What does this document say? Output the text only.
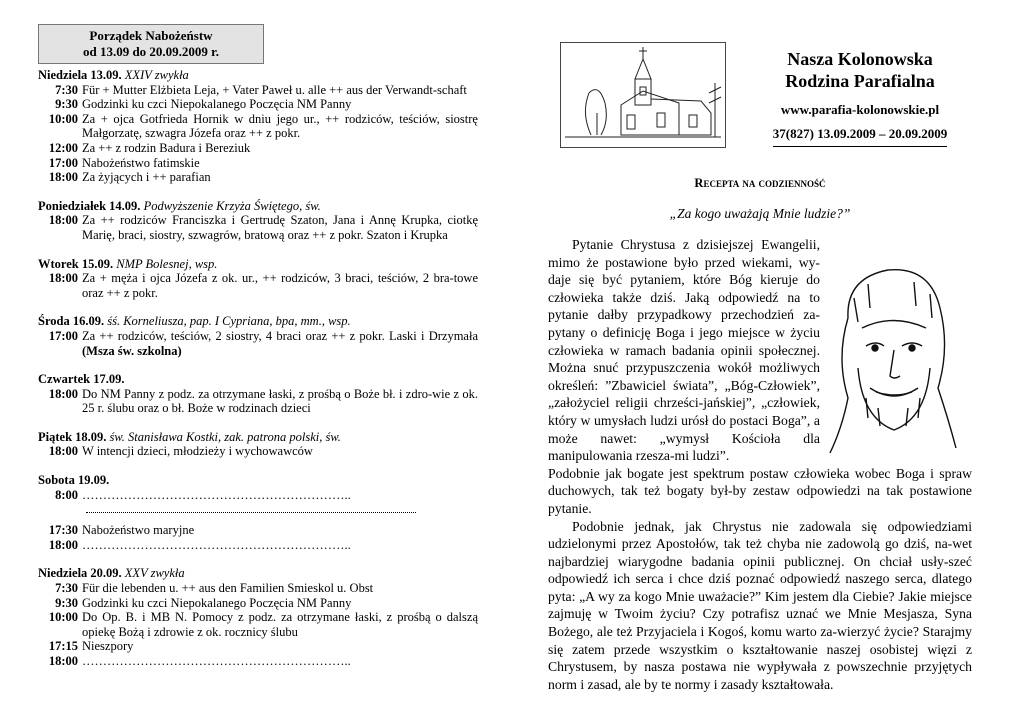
Porządek Nabożeństw
od 13.09 do 20.09.2009 r.
Niedziela 13.09. XXIV zwykła
7:30 Für + Mutter Elżbieta Leja, + Vater Paweł u. alle ++ aus der Verwandt-schaft
9:30 Godzinki ku czci Niepokalanego Poczęcia NM Panny
10:00 Za + ojca Gotfrieda Hornik w dniu jego ur., ++ rodziców, teściów, siostrę Małgorzatę, szwagra Józefa oraz ++ z pokr.
12:00 Za ++ z rodzin Badura i Bereziuk
17:00 Nabożeństwo fatimskie
18:00 Za żyjących i ++ parafian
Poniedziałek 14.09. Podwyższenie Krzyża Świętego, św.
18:00 Za ++ rodziców Franciszka i Gertrudę Szaton, Jana i Annę Krupka, ciotkę Marię, braci, siostry, szwagrów, bratową oraz ++ z pokr. Szaton i Krupka
Wtorek 15.09. NMP Bolesnej, wsp.
18:00 Za + męża i ojca Józefa z ok. ur., ++ rodziców, 3 braci, teściów, 2 bra-towe oraz ++ z pokr.
Środa 16.09. śś. Korneliusza, pap. I Cypriana, bpa, mm., wsp.
17:00 Za ++ rodziców, teściów, 2 siostry, 4 braci oraz ++ z pokr. Laski i Drzymała (Msza św. szkolna)
Czwartek 17.09.
18:00 Do NM Panny z podz. za otrzymane łaski, z prośbą o Boże bł. i zdro-wie z ok. 25 r. ślubu oraz o bł. Boże w rodzinach dzieci
Piątek 18.09. św. Stanisława Kostki, zak. patrona polski, św.
18:00 W intencji dzieci, młodzieży i wychowawców
Sobota 19.09.
8:00 ………………………………………………………..
17:30 Nabożeństwo maryjne
18:00 ………………………………………………………..
Niedziela 20.09. XXV zwykła
7:30 Für die lebenden u. ++ aus den Familien Smieskol u. Obst
9:30 Godzinki ku czci Niepokalanego Poczęcia NM Panny
10:00 Do Op. B. i MB N. Pomocy z podz. za otrzymane łaski, z prośbą o dalszą opiekę Bożą i zdrowie z ok. rocznicy ślubu
17:15 Nieszpory
18:00 ………………………………………………………..
Nasza Kolonowska
Rodzina Parafialna
www.parafia-kolonowskie.pl
37(827) 13.09.2009 – 20.09.2009
Recepta na codzienność
„Za kogo uważają Mnie ludzie?”

Pytanie Chrystusa z dzisiejszej Ewangelii, mimo że postawione było przed wiekami, wy-daje się być pytaniem, które Bóg kieruje do człowieka także dziś. Jaką odpowiedź na to pytanie dałby przypadkowy przechodzień za-pytany o definicję Boga i jego miejsce w życiu człowieka w ramach badania opinii społecznej. Można snuć przypuszczenia wokół możliwych określeń: ”Zbawiciel świata”, „Bóg-Człowiek”, „założyciel religii chrześci-jańskiej”, „człowiek, który w umysłach ludzi urósł do postaci Boga”, a może nawet: „wymysł Kościoła dla manipulowania rzesza-mi ludzi”.

Podobnie jak bogate jest spektrum postaw człowieka wobec Boga i spraw duchowych, tak też bogaty był-by zestaw odpowiedzi na tak postawione pytanie.

Podobnie jednak, jak Chrystus nie zadowala się odpowiedziami udzielonymi przez Apostołów, tak też chyba nie zadowolą go dziś, na-wet najbardziej wiarygodne badania opinii publicznej. On chciał usły-szeć odpowiedź ich serca i chce dziś poznać odpowiedź naszego serca, dlatego pyta: „A wy za kogo Mnie uważacie?” Kim jestem dla Ciebie? Jakie miejsce zajmuję w Twoim życiu? Czy potrafisz uznać we Mnie Mesjasza, Syna Bożego, ale też Przyjaciela i Kogoś, komu warto za-wierzyć życie? Starajmy się zatem przede wszystkim o kształtowanie naszej osobistej więzi z Chrystusem, by nasza postawa nie wypływała z powszechnie przyjętych norm i zasad, ale by te normy i zasady kształtowała.
